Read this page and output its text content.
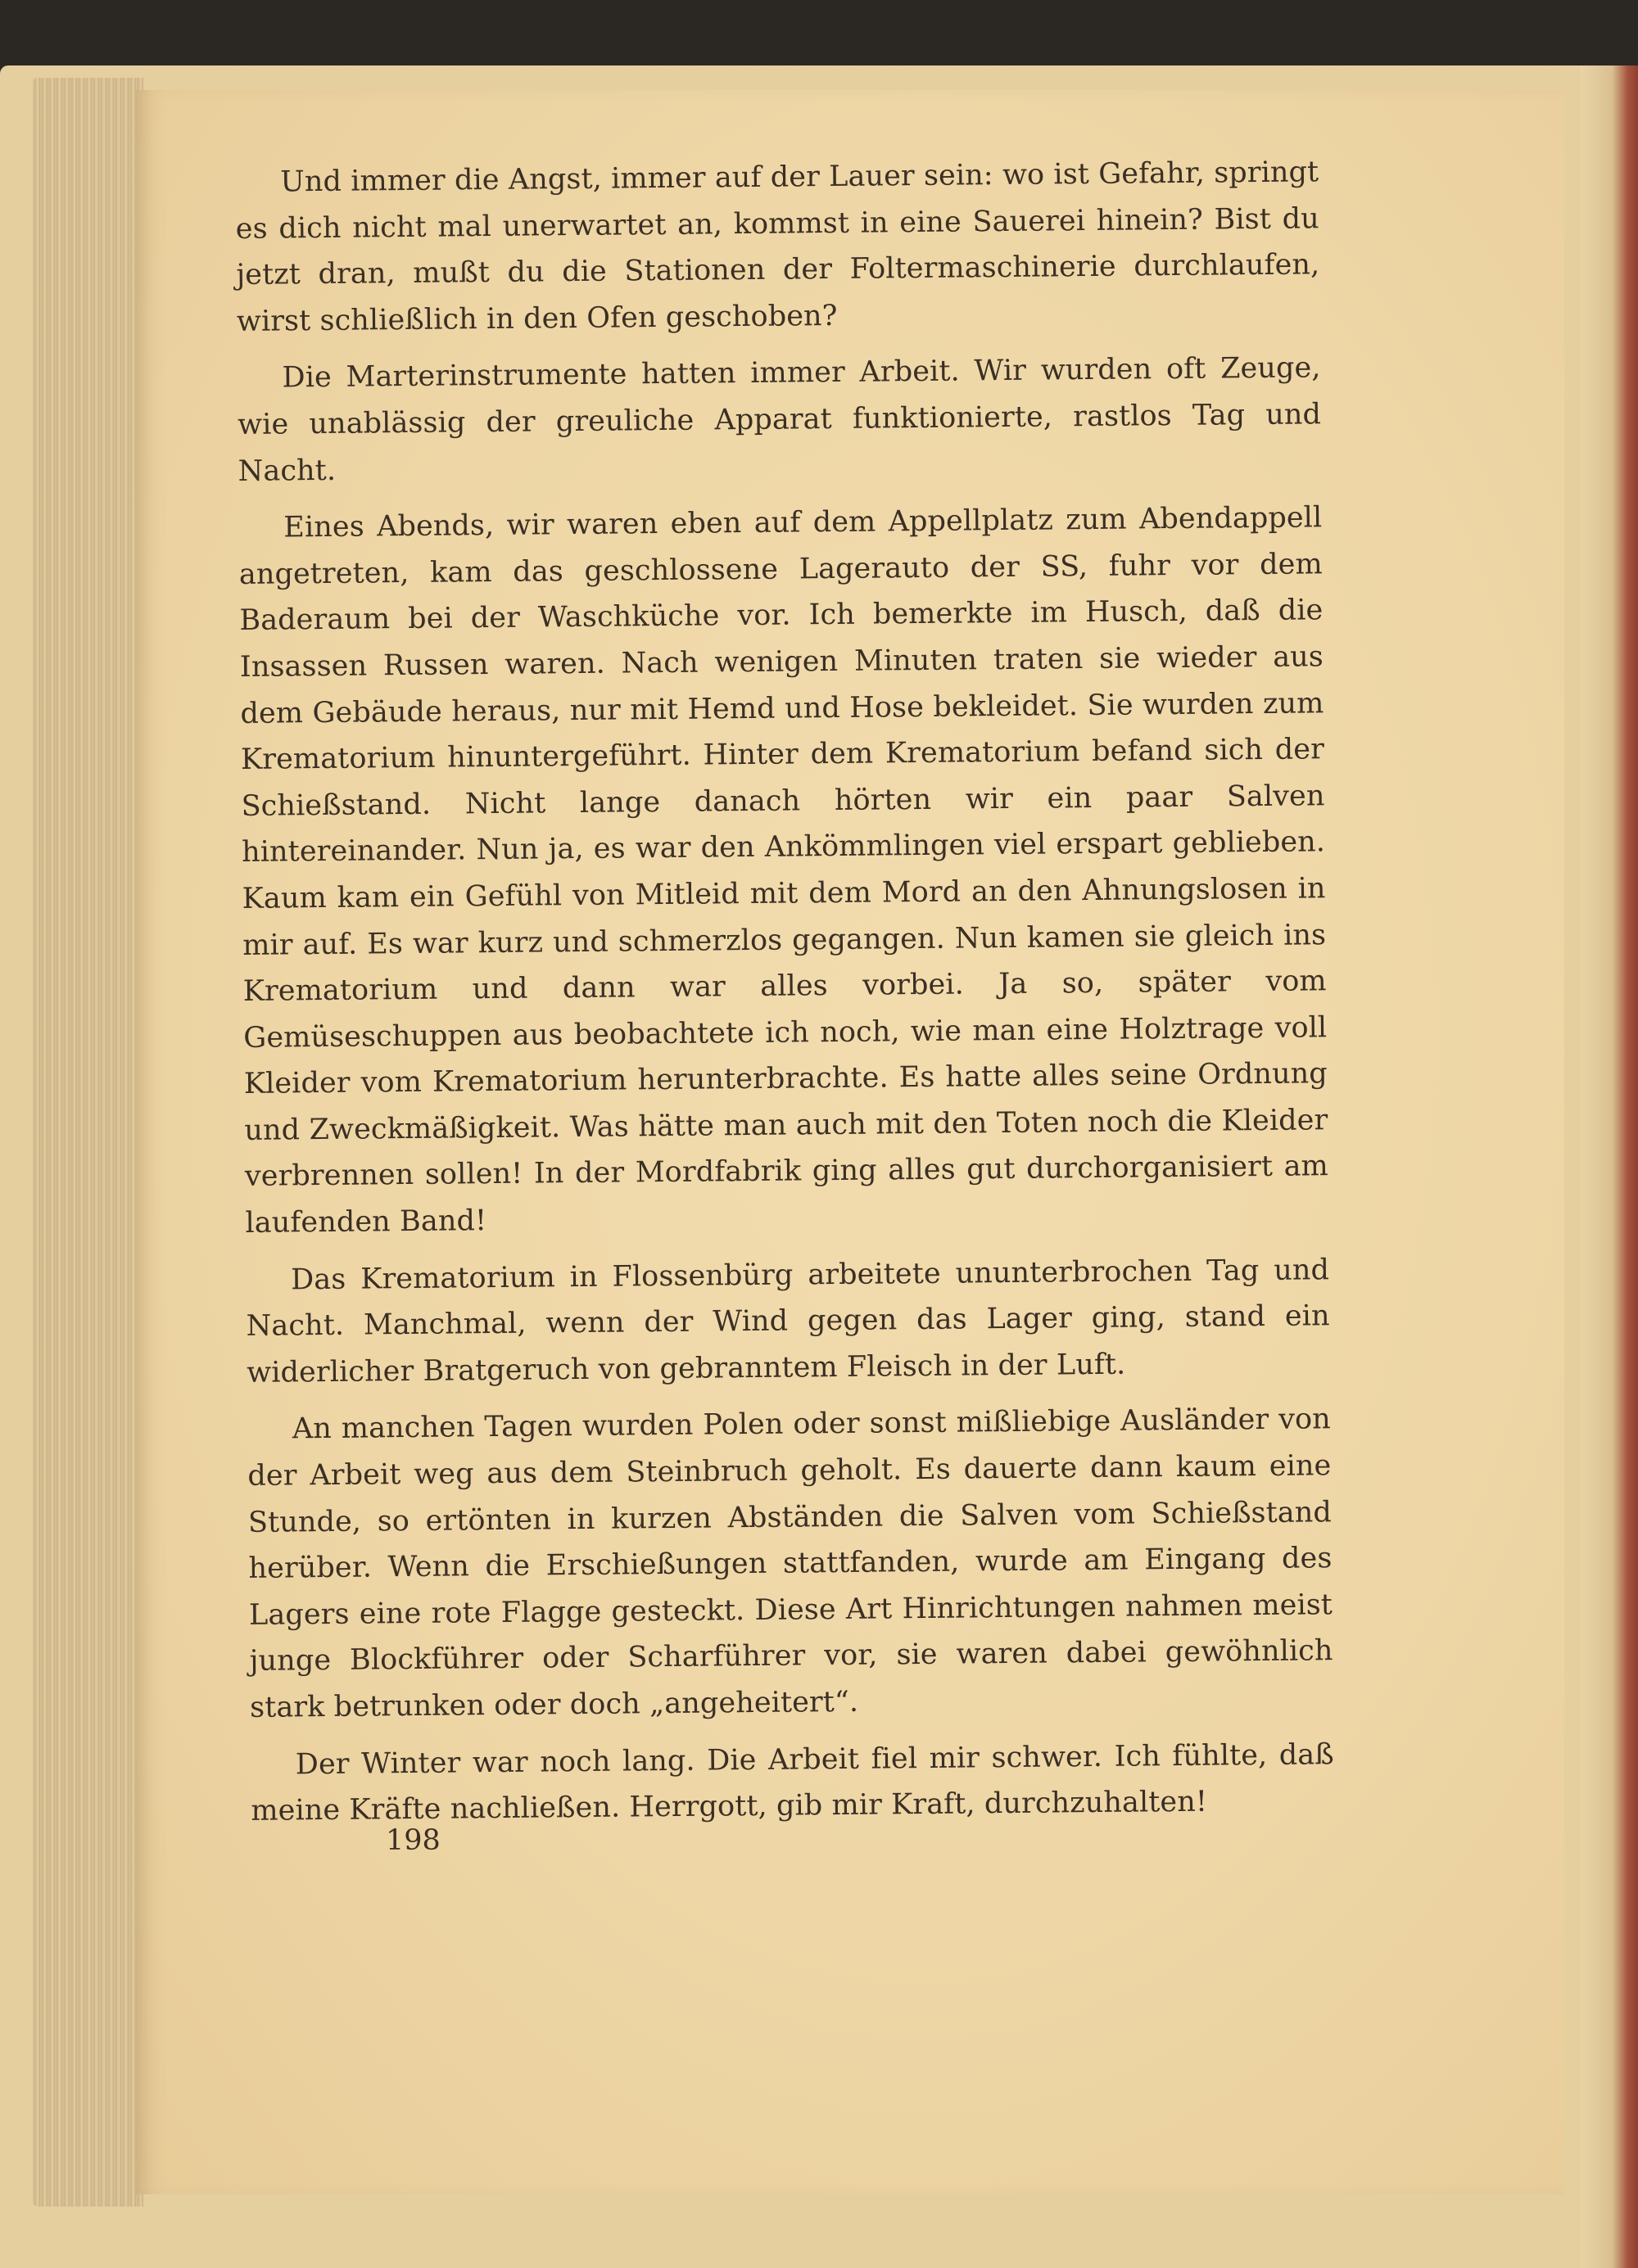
Und immer die Angst, immer auf der Lauer sein: wo ist Gefahr, springt es dich nicht mal unerwartet an, kommst in eine Sauerei hinein? Bist du jetzt dran, mußt du die Stationen der Foltermaschinerie durchlaufen, wirst schließlich in den Ofen geschoben?

Die Marterinstrumente hatten immer Arbeit. Wir wurden oft Zeuge, wie unablässig der greuliche Apparat funktionierte, rastlos Tag und Nacht.

Eines Abends, wir waren eben auf dem Appellplatz zum Abendappell angetreten, kam das geschlossene Lagerauto der SS, fuhr vor dem Baderaum bei der Waschküche vor. Ich bemerkte im Husch, daß die Insassen Russen waren. Nach wenigen Minuten traten sie wieder aus dem Gebäude heraus, nur mit Hemd und Hose bekleidet. Sie wurden zum Krematorium hinuntergeführt. Hinter dem Krematorium befand sich der Schießstand. Nicht lange danach hörten wir ein paar Salven hintereinander. Nun ja, es war den Ankömmlingen viel erspart geblieben. Kaum kam ein Gefühl von Mitleid mit dem Mord an den Ahnungslosen in mir auf. Es war kurz und schmerzlos gegangen. Nun kamen sie gleich ins Krematorium und dann war alles vorbei. Ja so, später vom Gemüseschuppen aus beobachtete ich noch, wie man eine Holztrage voll Kleider vom Krematorium herunterbrachte. Es hatte alles seine Ordnung und Zweckmäßigkeit. Was hätte man auch mit den Toten noch die Kleider verbrennen sollen! In der Mordfabrik ging alles gut durchorganisiert am laufenden Band!

Das Krematorium in Flossenbürg arbeitete ununterbrochen Tag und Nacht. Manchmal, wenn der Wind gegen das Lager ging, stand ein widerlicher Bratgeruch von gebranntem Fleisch in der Luft.

An manchen Tagen wurden Polen oder sonst mißliebige Ausländer von der Arbeit weg aus dem Steinbruch geholt. Es dauerte dann kaum eine Stunde, so ertönten in kurzen Abständen die Salven vom Schießstand herüber. Wenn die Erschießungen stattfanden, wurde am Eingang des Lagers eine rote Flagge gesteckt. Diese Art Hinrichtungen nahmen meist junge Blockführer oder Scharführer vor, sie waren dabei gewöhnlich stark betrunken oder doch „angeheitert“.

Der Winter war noch lang. Die Arbeit fiel mir schwer. Ich fühlte, daß meine Kräfte nachließen. Herrgott, gib mir Kraft, durchzuhalten!

198
